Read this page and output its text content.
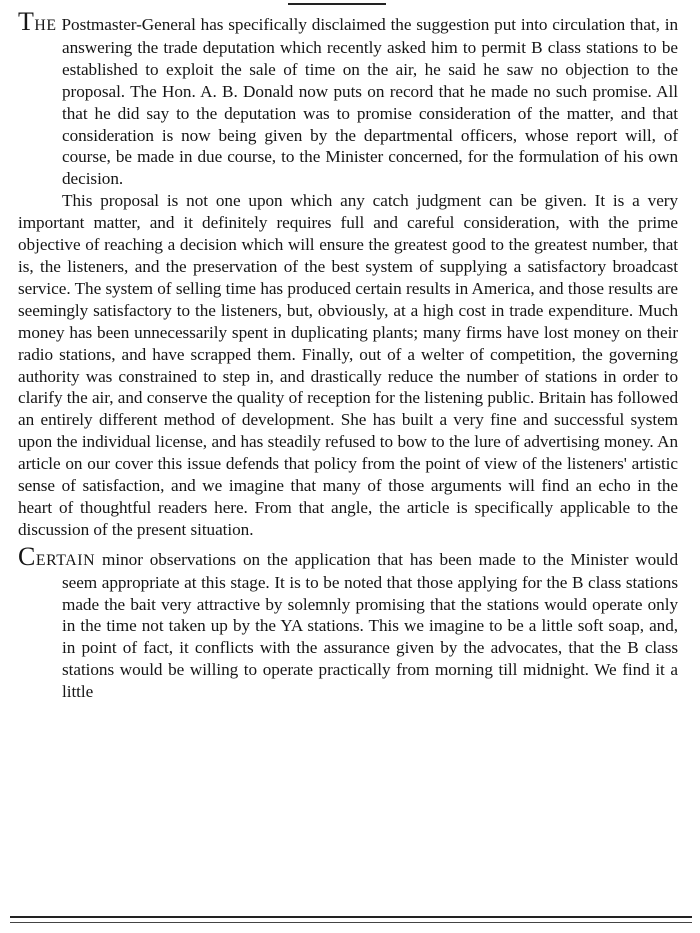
THE Postmaster-General has specifically disclaimed the suggestion put into circulation that, in answering the trade deputation which recently asked him to permit B class stations to be established to exploit the sale of time on the air, he said he saw no objection to the proposal. The Hon. A. B. Donald now puts on record that he made no such promise. All that he did say to the deputation was to promise consideration of the matter, and that consideration is now being given by the departmental officers, whose report will, of course, be made in due course, to the Minister concerned, for the formulation of his own decision.

This proposal is not one upon which any catch judgment can be given. It is a very important matter, and it definitely requires full and careful consideration, with the prime objective of reaching a decision which will ensure the greatest good to the greatest number, that is, the listeners, and the preservation of the best system of supplying a satisfactory broadcast service. The system of selling time has produced certain results in America, and those results are seemingly satisfactory to the listeners, but, obviously, at a high cost in trade expenditure. Much money has been unnecessarily spent in duplicating plants; many firms have lost money on their radio stations, and have scrapped them. Finally, out of a welter of competition, the governing authority was constrained to step in, and drastically reduce the number of stations in order to clarify the air, and conserve the quality of reception for the listening public. Britain has followed an entirely different method of development. She has built a very fine and successful system upon the individual license, and has steadily refused to bow to the lure of advertising money. An article on our cover this issue defends that policy from the point of view of the listeners' artistic sense of satisfaction, and we imagine that many of those arguments will find an echo in the heart of thoughtful readers here. From that angle, the article is specifically applicable to the discussion of the present situation.

CERTAIN minor observations on the application that has been made to the Minister would seem appropriate at this stage. It is to be noted that those applying for the B class stations made the bait very attractive by solemnly promising that the stations would operate only in the time not taken up by the YA stations. This we imagine to be a little soft soap, and, in point of fact, it conflicts with the assurance given by the advocates, that the B class stations would be willing to operate practically from morning till midnight. We find it a little
